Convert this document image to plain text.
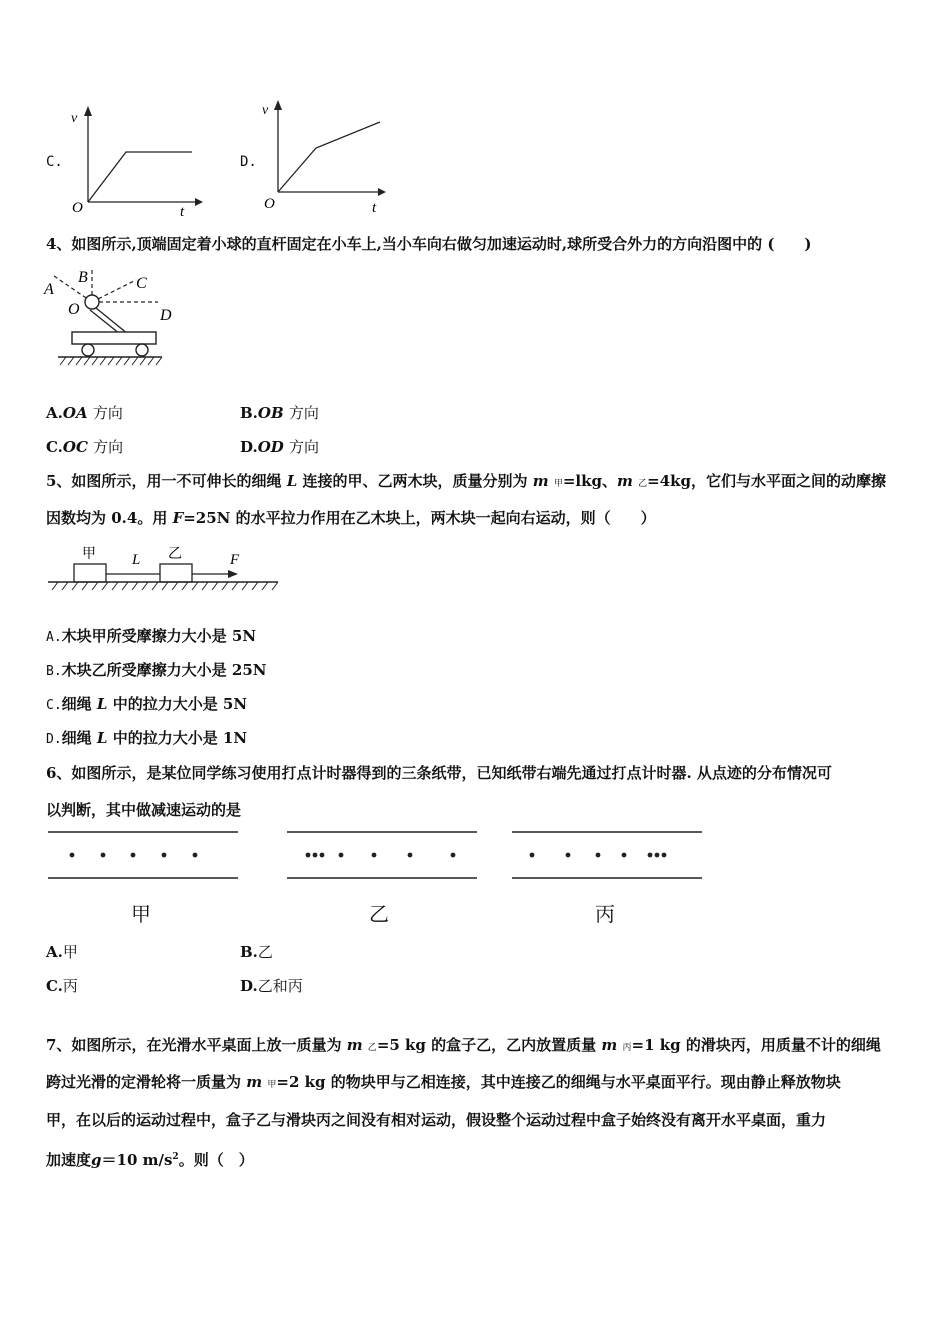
C.
v
t
O
D.
v
t
O
4、如图所示,顶端固定着小球的直杆固定在小车上,当小车向右做匀加速运动时,球所受合外力的方向沿图中的 (　　)
A
B	C
D
O
A.OA 方向	B.OB 方向
C.OC 方向	D.OD 方向
5、如图所示，用一不可伸长的细绳 L 连接的甲、乙两木块，质量分别为 m 甲=lkg、m 乙=4kg，它们与水平面之间的动摩擦
因数均为 0.4。用 F=25N 的水平拉力作用在乙木块上，两木块一起向右运动，则（　　）
甲 L 乙	F
A.木块甲所受摩擦力大小是 5N
B.木块乙所受摩擦力大小是 25N
C.细绳 L 中的拉力大小是 5N
D.细绳 L 中的拉力大小是 1N
6、如图所示，是某位同学练习使用打点计时器得到的三条纸带，已知纸带右端先通过打点计时器. 从点迹的分布情况可
以判断，其中做减速运动的是
甲	乙	丙
A.甲	B.乙
C.丙	D.乙和丙
7、如图所示，在光滑水平桌面上放一质量为 m 乙=5 kg 的盒子乙，乙内放置质量 m 丙=1 kg 的滑块丙，用质量不计的细绳
跨过光滑的定滑轮将一质量为 m 甲=2 kg 的物块甲与乙相连接，其中连接乙的细绳与水平桌面平行。现由静止释放物块
甲，在以后的运动过程中，盒子乙与滑块丙之间没有相对运动，假设整个运动过程中盒子始终没有离开水平桌面，重力
加速度g＝10 $m/s^2$。则（　）
